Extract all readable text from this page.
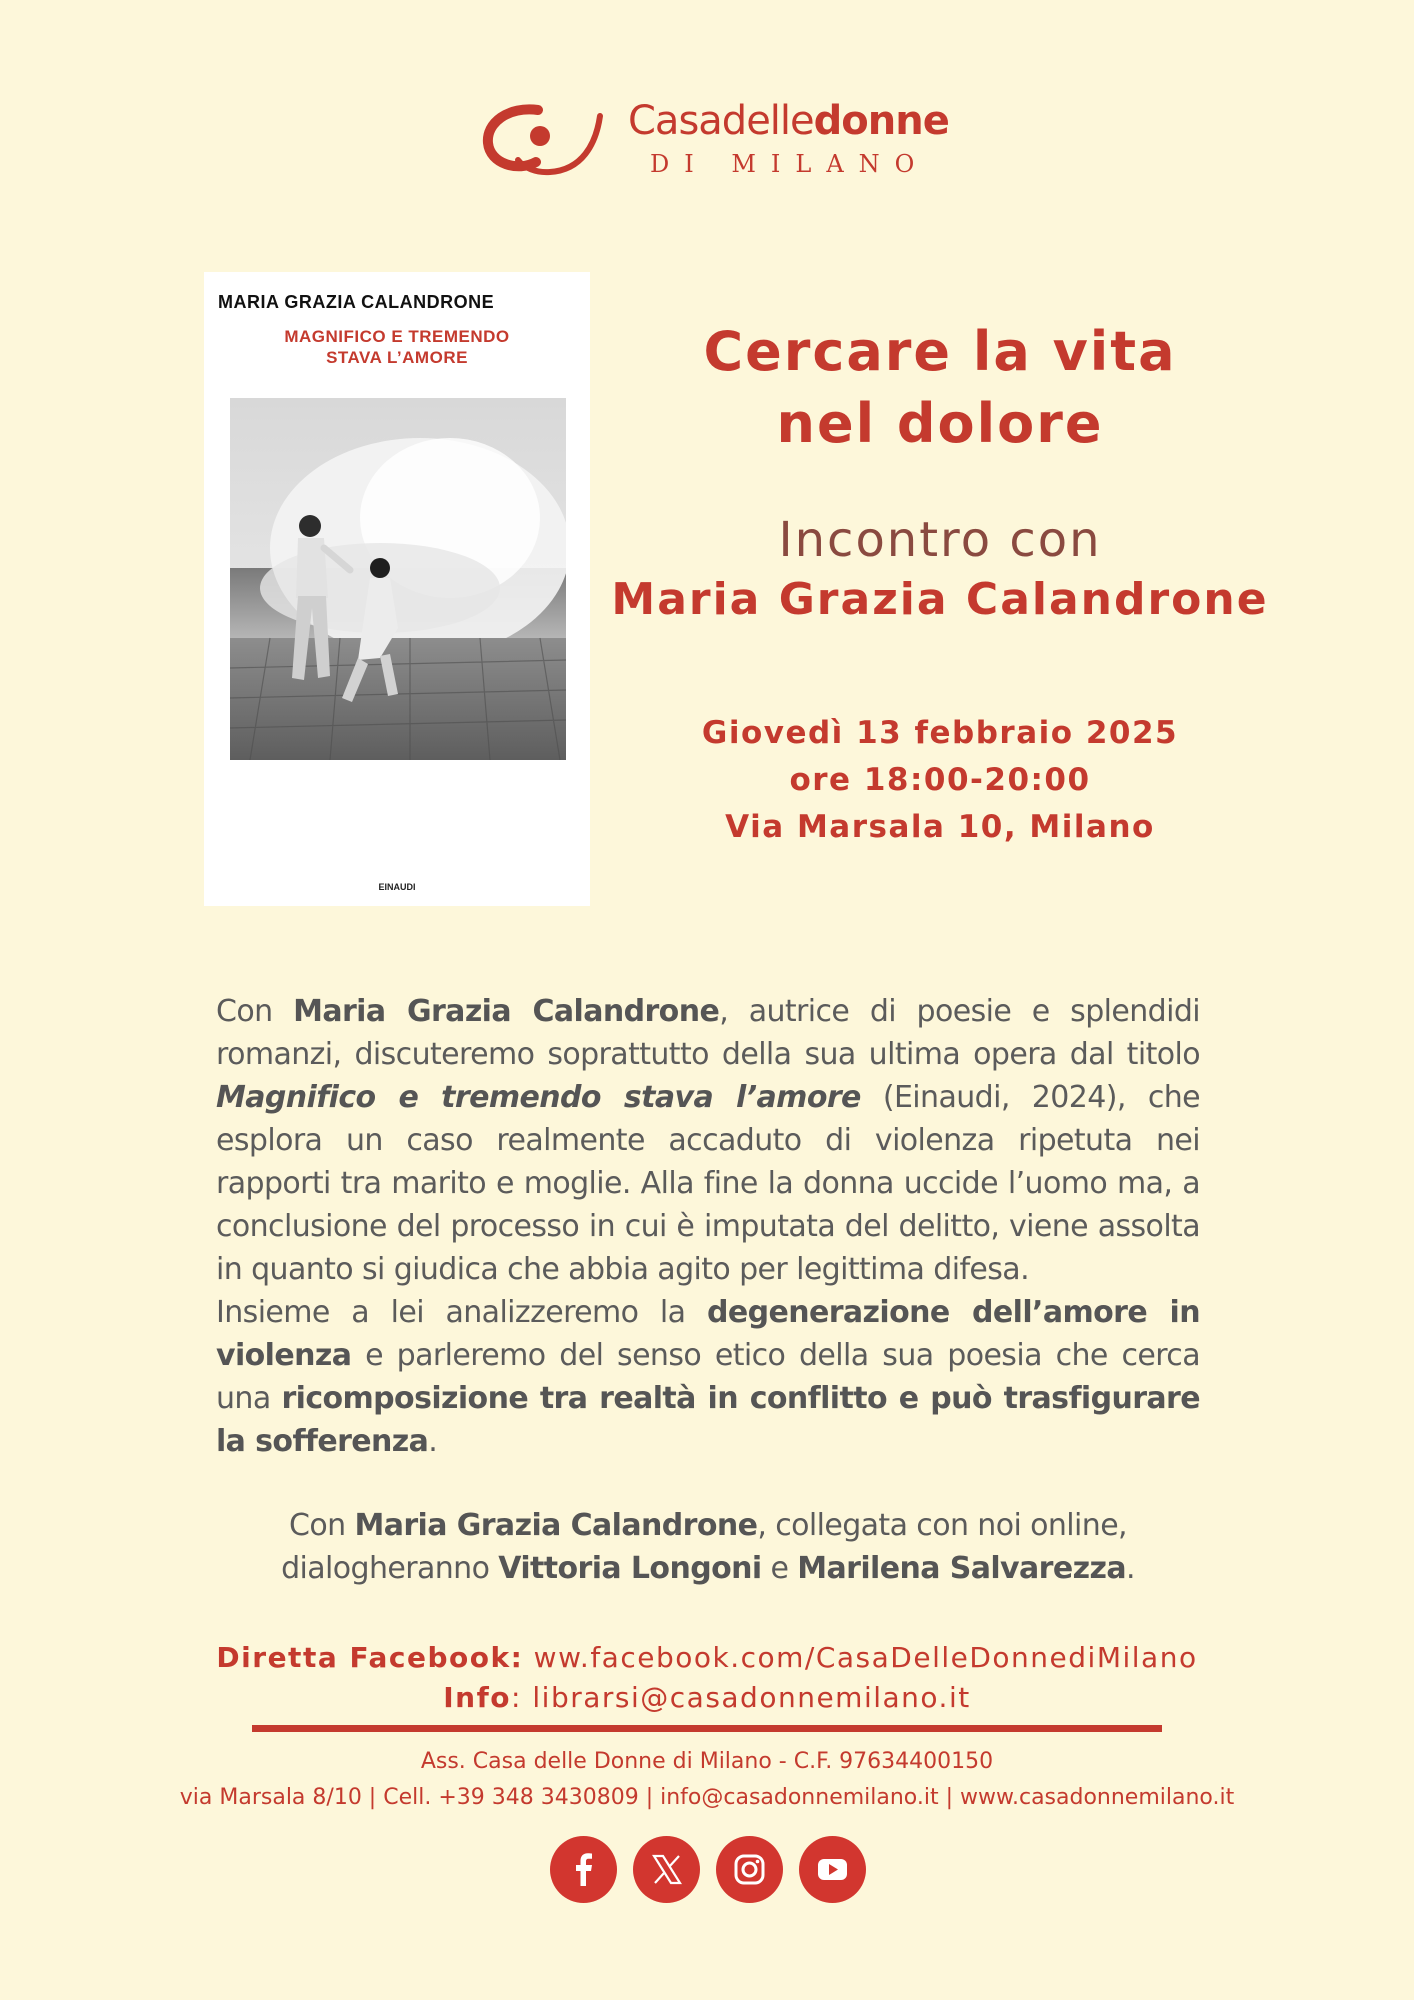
Casadelledonne
DI MILANO
MARIA GRAZIA CALANDRONE
MAGNIFICO E TREMENDO
STAVA L’AMORE
EINAUDI
Cercare la vita
nel dolore
Incontro con
Maria Grazia Calandrone
Giovedì 13 febbraio 2025
ore 18:00-20:00
Via Marsala 10, Milano

Con Maria Grazia Calandrone, autrice di poesie e splendidi romanzi, discuteremo soprattutto della sua ultima opera dal titolo Magnifico e tremendo stava l’amore (Einaudi, 2024), che esplora un caso realmente accaduto di violenza ripetuta nei rapporti tra marito e moglie. Alla fine la donna uccide l’uomo ma, a conclusione del processo in cui è imputata del delitto, viene assolta in quanto si giudica che abbia agito per legittima difesa.

Insieme a lei analizzeremo la degenerazione dell’amore in violenza e parleremo del senso etico della sua poesia che cerca una ricomposizione tra realtà in conflitto e può trasfigurare la sofferenza.

Con Maria Grazia Calandrone, collegata con noi online,
dialogheranno Vittoria Longoni e Marilena Salvarezza.
Diretta Facebook: ww.facebook.com/CasaDelleDonnediMilano
Info: librarsi@casadonnemilano.it
Ass. Casa delle Donne di Milano - C.F. 97634400150
via Marsala 8/10 | Cell. +39 348 3430809 | info@casadonnemilano.it | www.casadonnemilano.it
